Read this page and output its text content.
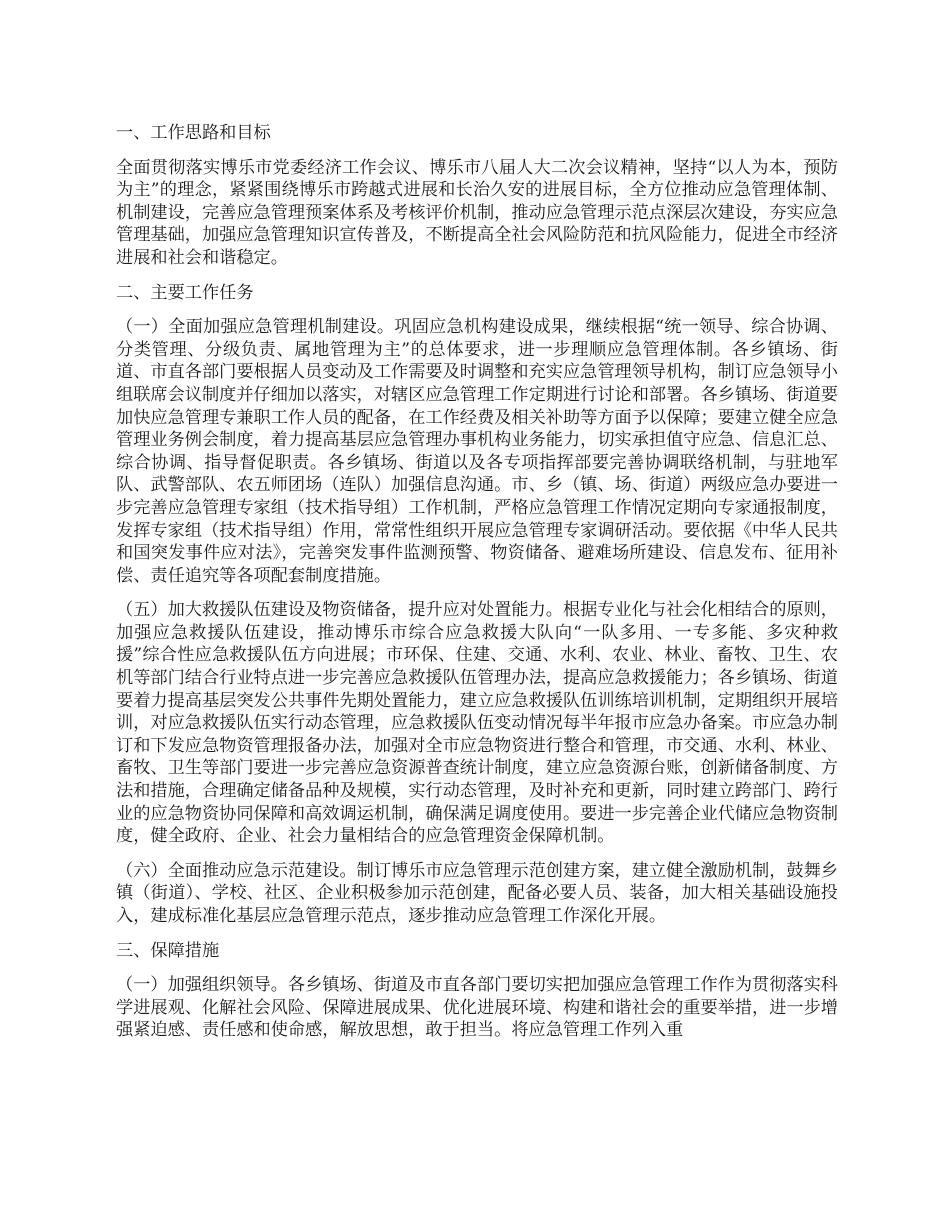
一、工作思路和目标

全面贯彻落实博乐市党委经济工作会议、博乐市八届人大二次会议精神，坚持“以人为本，预防为主”的理念，紧紧围绕博乐市跨越式进展和长治久安的进展目标，全方位推动应急管理体制、机制建设，完善应急管理预案体系及考核评价机制，推动应急管理示范点深层次建设，夯实应急管理基础，加强应急管理知识宣传普及，不断提高全社会风险防范和抗风险能力，促进全市经济进展和社会和谐稳定。

二、主要工作任务

（一）全面加强应急管理机制建设。巩固应急机构建设成果，继续根据“统一领导、综合协调、分类管理、分级负责、属地管理为主”的总体要求，进一步理顺应急管理体制。各乡镇场、街道、市直各部门要根据人员变动及工作需要及时调整和充实应急管理领导机构，制订应急领导小组联席会议制度并仔细加以落实，对辖区应急管理工作定期进行讨论和部署。各乡镇场、街道要加快应急管理专兼职工作人员的配备，在工作经费及相关补助等方面予以保障；要建立健全应急管理业务例会制度，着力提高基层应急管理办事机构业务能力，切实承担值守应急、信息汇总、综合协调、指导督促职责。各乡镇场、街道以及各专项指挥部要完善协调联络机制，与驻地军队、武警部队、农五师团场（连队）加强信息沟通。市、乡（镇、场、街道）两级应急办要进一步完善应急管理专家组（技术指导组）工作机制，严格应急管理工作情况定期向专家通报制度，发挥专家组（技术指导组）作用，常常性组织开展应急管理专家调研活动。要依据《中华人民共和国突发事件应对法》，完善突发事件监测预警、物资储备、避难场所建设、信息发布、征用补偿、责任追究等各项配套制度措施。

（五）加大救援队伍建设及物资储备，提升应对处置能力。根据专业化与社会化相结合的原则，加强应急救援队伍建设，推动博乐市综合应急救援大队向“一队多用、一专多能、多灾种救援”综合性应急救援队伍方向进展；市环保、住建、交通、水利、农业、林业、畜牧、卫生、农机等部门结合行业特点进一步完善应急救援队伍管理办法，提高应急救援能力；各乡镇场、街道要着力提高基层突发公共事件先期处置能力，建立应急救援队伍训练培训机制，定期组织开展培训，对应急救援队伍实行动态管理，应急救援队伍变动情况每半年报市应急办备案。市应急办制订和下发应急物资管理报备办法，加强对全市应急物资进行整合和管理，市交通、水利、林业、畜牧、卫生等部门要进一步完善应急资源普查统计制度，建立应急资源台账，创新储备制度、方法和措施，合理确定储备品种及规模，实行动态管理，及时补充和更新，同时建立跨部门、跨行业的应急物资协同保障和高效调运机制，确保满足调度使用。要进一步完善企业代储应急物资制度，健全政府、企业、社会力量相结合的应急管理资金保障机制。

（六）全面推动应急示范建设。制订博乐市应急管理示范创建方案，建立健全激励机制，鼓舞乡镇（街道）、学校、社区、企业积极参加示范创建，配备必要人员、装备，加大相关基础设施投入，建成标准化基层应急管理示范点，逐步推动应急管理工作深化开展。

三、保障措施

（一）加强组织领导。各乡镇场、街道及市直各部门要切实把加强应急管理工作作为贯彻落实科学进展观、化解社会风险、保障进展成果、优化进展环境、构建和谐社会的重要举措，进一步增强紧迫感、责任感和使命感，解放思想，敢于担当。将应急管理工作列入重
